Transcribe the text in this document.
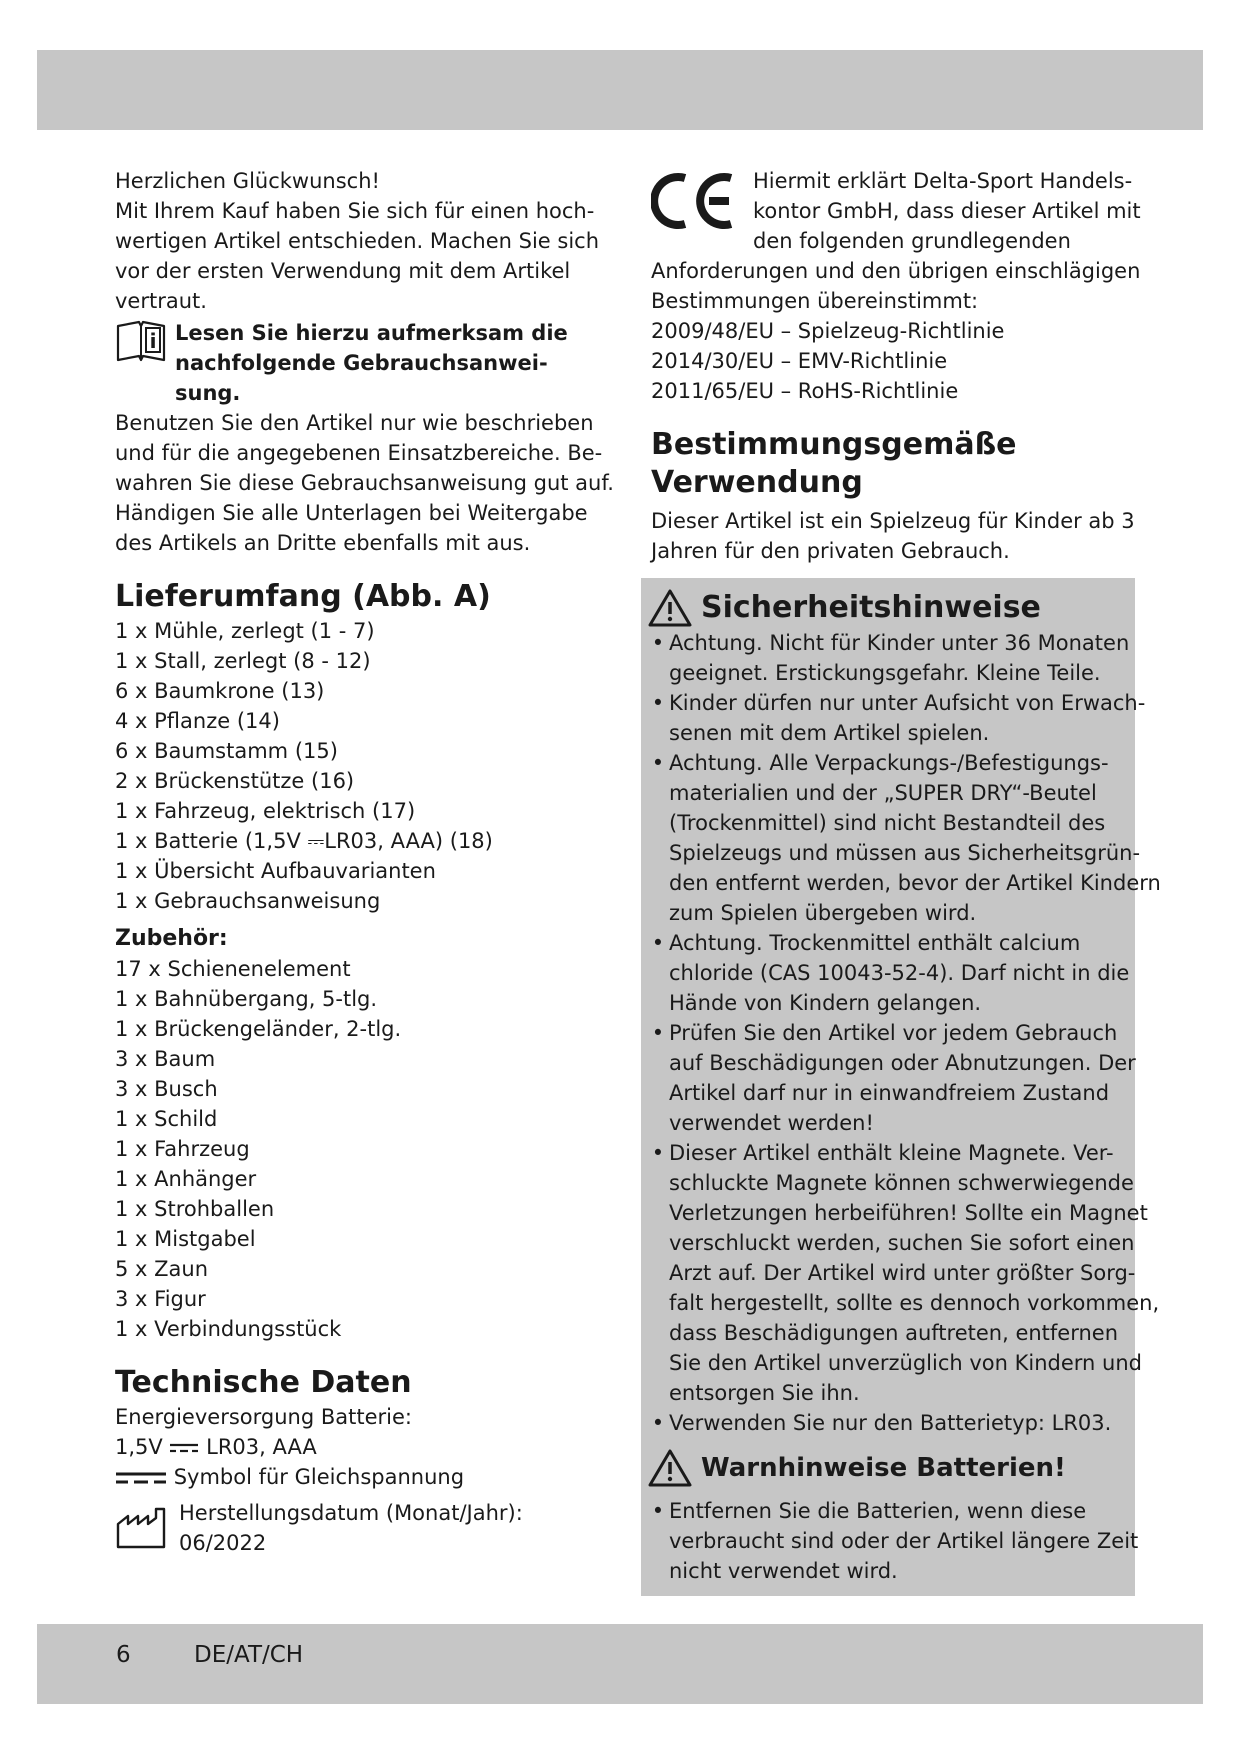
Herzlichen Glückwunsch!
Mit Ihrem Kauf haben Sie sich für einen hoch-
wertigen Artikel entschieden. Machen Sie sich
vor der ersten Verwendung mit dem Artikel
vertraut.
i Lesen Sie hierzu aufmerksam die
nachfolgende Gebrauchsanwei-
sung.
Benutzen Sie den Artikel nur wie beschrieben
und für die angegebenen Einsatzbereiche. Be-
wahren Sie diese Gebrauchsanweisung gut auf.
Händigen Sie alle Unterlagen bei Weitergabe
des Artikels an Dritte ebenfalls mit aus.
Lieferumfang (Abb. A)
1 x Mühle, zerlegt (1 - 7)
1 x Stall, zerlegt (8 - 12)
6 x Baumkrone (13)
4 x Pflanze (14)
6 x Baumstamm (15)
2 x Brückenstütze (16)
1 x Fahrzeug, elektrisch (17)
1 x Batterie (1,5V ⎓LR03, AAA) (18)
1 x Übersicht Aufbauvarianten
1 x Gebrauchsanweisung
Zubehör:
17 x Schienenelement
1 x Bahnübergang, 5-tlg.
1 x Brückengeländer, 2-tlg.
3 x Baum
3 x Busch
1 x Schild
1 x Fahrzeug
1 x Anhänger
1 x Strohballen
1 x Mistgabel
5 x Zaun
3 x Figur
1 x Verbindungsstück
Technische Daten
Energieversorgung Batterie:
1,5V LR03, AAA
Symbol für Gleichspannung
Herstellungsdatum (Monat/Jahr):
06/2022
Hiermit erklärt Delta-Sport Handels-
kontor GmbH, dass dieser Artikel mit
den folgenden grundlegenden
Anforderungen und den übrigen einschlägigen
Bestimmungen übereinstimmt:
2009/48/EU – Spielzeug-Richtlinie
2014/30/EU – EMV-Richtlinie
2011/65/EU – RoHS-Richtlinie
Bestimmungsgemäße
Verwendung
Dieser Artikel ist ein Spielzeug für Kinder ab 3
Jahren für den privaten Gebrauch.
Sicherheitshinweise
• Achtung. Nicht für Kinder unter 36 Monaten
geeignet. Erstickungsgefahr. Kleine Teile.
• Kinder dürfen nur unter Aufsicht von Erwach-
senen mit dem Artikel spielen.
• Achtung. Alle Verpackungs-/Befestigungs-
materialien und der „SUPER DRY“-Beutel
(Trockenmittel) sind nicht Bestandteil des
Spielzeugs und müssen aus Sicherheitsgrün-
den entfernt werden, bevor der Artikel Kindern
zum Spielen übergeben wird.
• Achtung. Trockenmittel enthält calcium
chloride (CAS 10043-52-4). Darf nicht in die
Hände von Kindern gelangen.
• Prüfen Sie den Artikel vor jedem Gebrauch
auf Beschädigungen oder Abnutzungen. Der
Artikel darf nur in einwandfreiem Zustand
verwendet werden!
• Dieser Artikel enthält kleine Magnete. Ver-
schluckte Magnete können schwerwiegende
Verletzungen herbeiführen! Sollte ein Magnet
verschluckt werden, suchen Sie sofort einen
Arzt auf. Der Artikel wird unter größter Sorg-
falt hergestellt, sollte es dennoch vorkommen,
dass Beschädigungen auftreten, entfernen
Sie den Artikel unverzüglich von Kindern und
entsorgen Sie ihn.
• Verwenden Sie nur den Batterietyp: LR03.
Warnhinweise Batterien!
• Entfernen Sie die Batterien, wenn diese
verbraucht sind oder der Artikel längere Zeit
nicht verwendet wird.
6	DE/AT/CH
